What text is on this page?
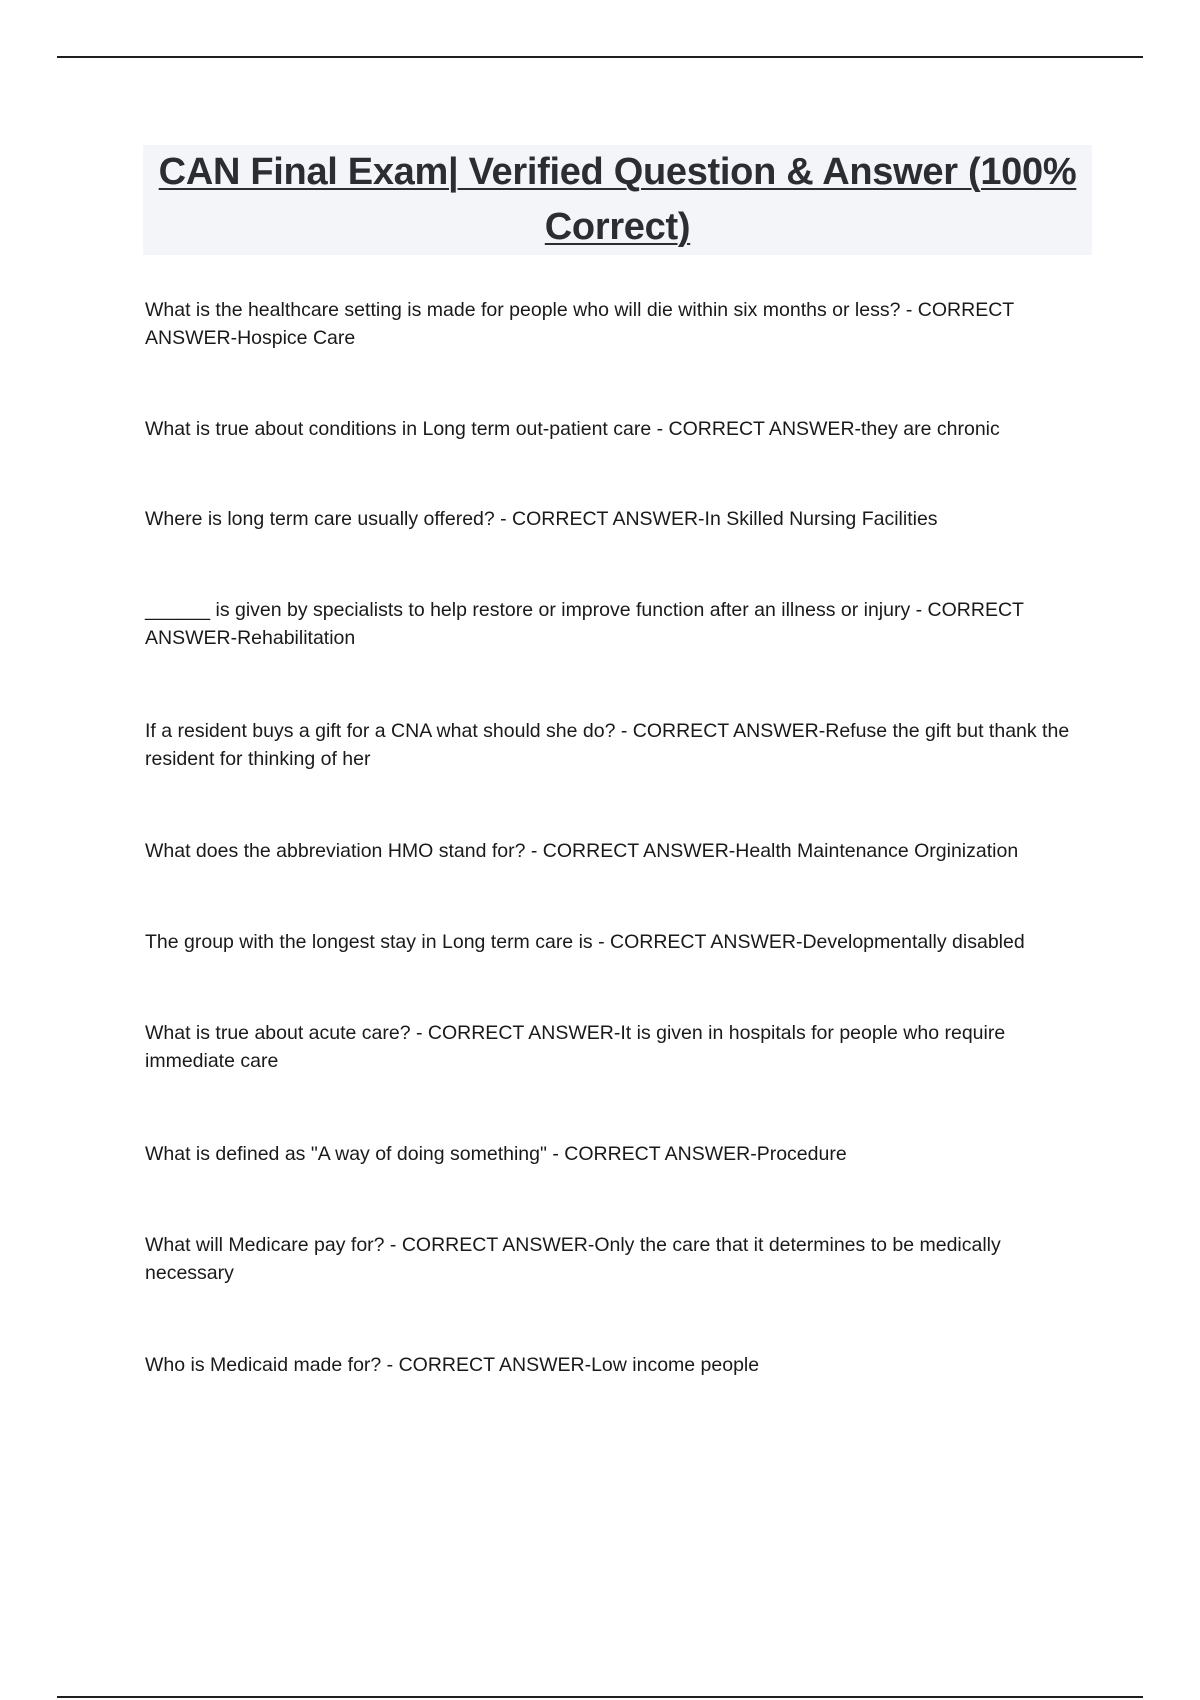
CAN Final Exam| Verified Question & Answer (100% Correct)
What is the healthcare setting is made for people who will die within six months or less? - CORRECT ANSWER-Hospice Care
What is true about conditions in Long term out-patient care - CORRECT ANSWER-they are chronic
Where is long term care usually offered? - CORRECT ANSWER-In Skilled Nursing Facilities
______ is given by specialists to help restore or improve function after an illness or injury - CORRECT ANSWER-Rehabilitation
If a resident buys a gift for a CNA what should she do? - CORRECT ANSWER-Refuse the gift but thank the resident for thinking of her
What does the abbreviation HMO stand for? - CORRECT ANSWER-Health Maintenance Orginization
The group with the longest stay in Long term care is - CORRECT ANSWER-Developmentally disabled
What is true about acute care? - CORRECT ANSWER-It is given in hospitals for people who require immediate care
What is defined as "A way of doing something" - CORRECT ANSWER-Procedure
What will Medicare pay for? - CORRECT ANSWER-Only the care that it determines to be medically necessary
Who is Medicaid made for? - CORRECT ANSWER-Low income people
